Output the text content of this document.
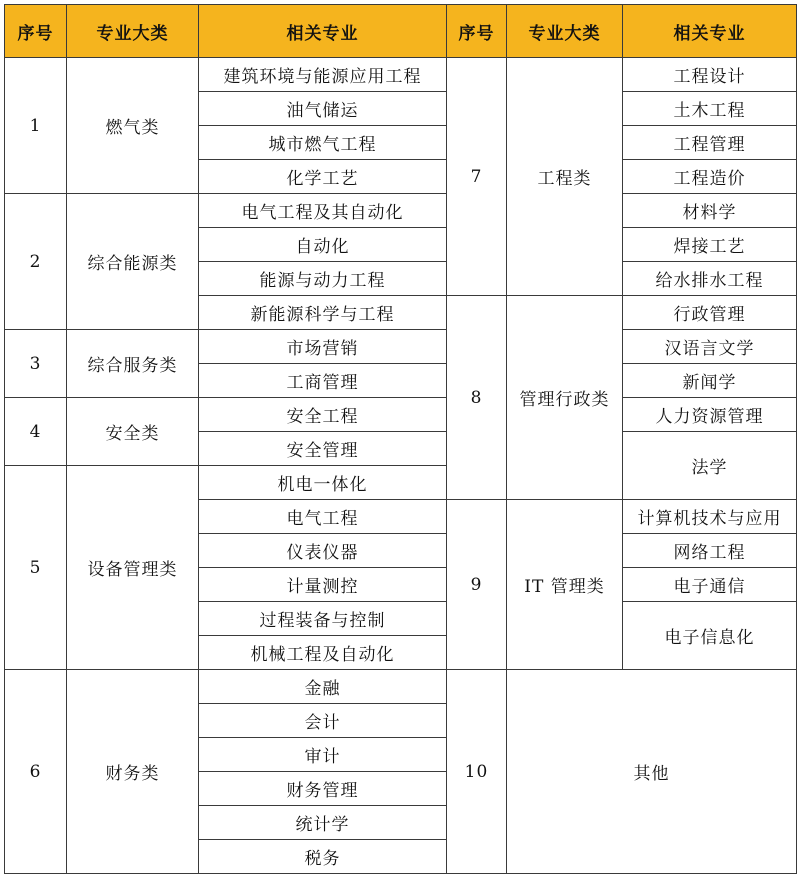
序号	专业大类	相关专业	序号	专业大类	相关专业
1	燃气类	建筑环境与能源应用工程	7	工程类	工程设计
		油气储运			土木工程
		城市燃气工程			工程管理
		化学工艺			工程造价
2	综合能源类	电气工程及其自动化			材料学
		自动化			焊接工艺
		能源与动力工程			给水排水工程
		新能源科学与工程	8	管理行政类	行政管理
3	综合服务类	市场营销			汉语言文学
		工商管理			新闻学
4	安全类	安全工程			人力资源管理
		安全管理			法学
5	设备管理类	机电一体化			
		电气工程	9	IT 管理类	计算机技术与应用
		仪表仪器			网络工程
		计量测控			电子通信
		过程装备与控制			电子信息化
		机械工程及自动化			
6	财务类	金融	10	其他	
		会计			
		审计			
		财务管理			
		统计学			
		税务			
